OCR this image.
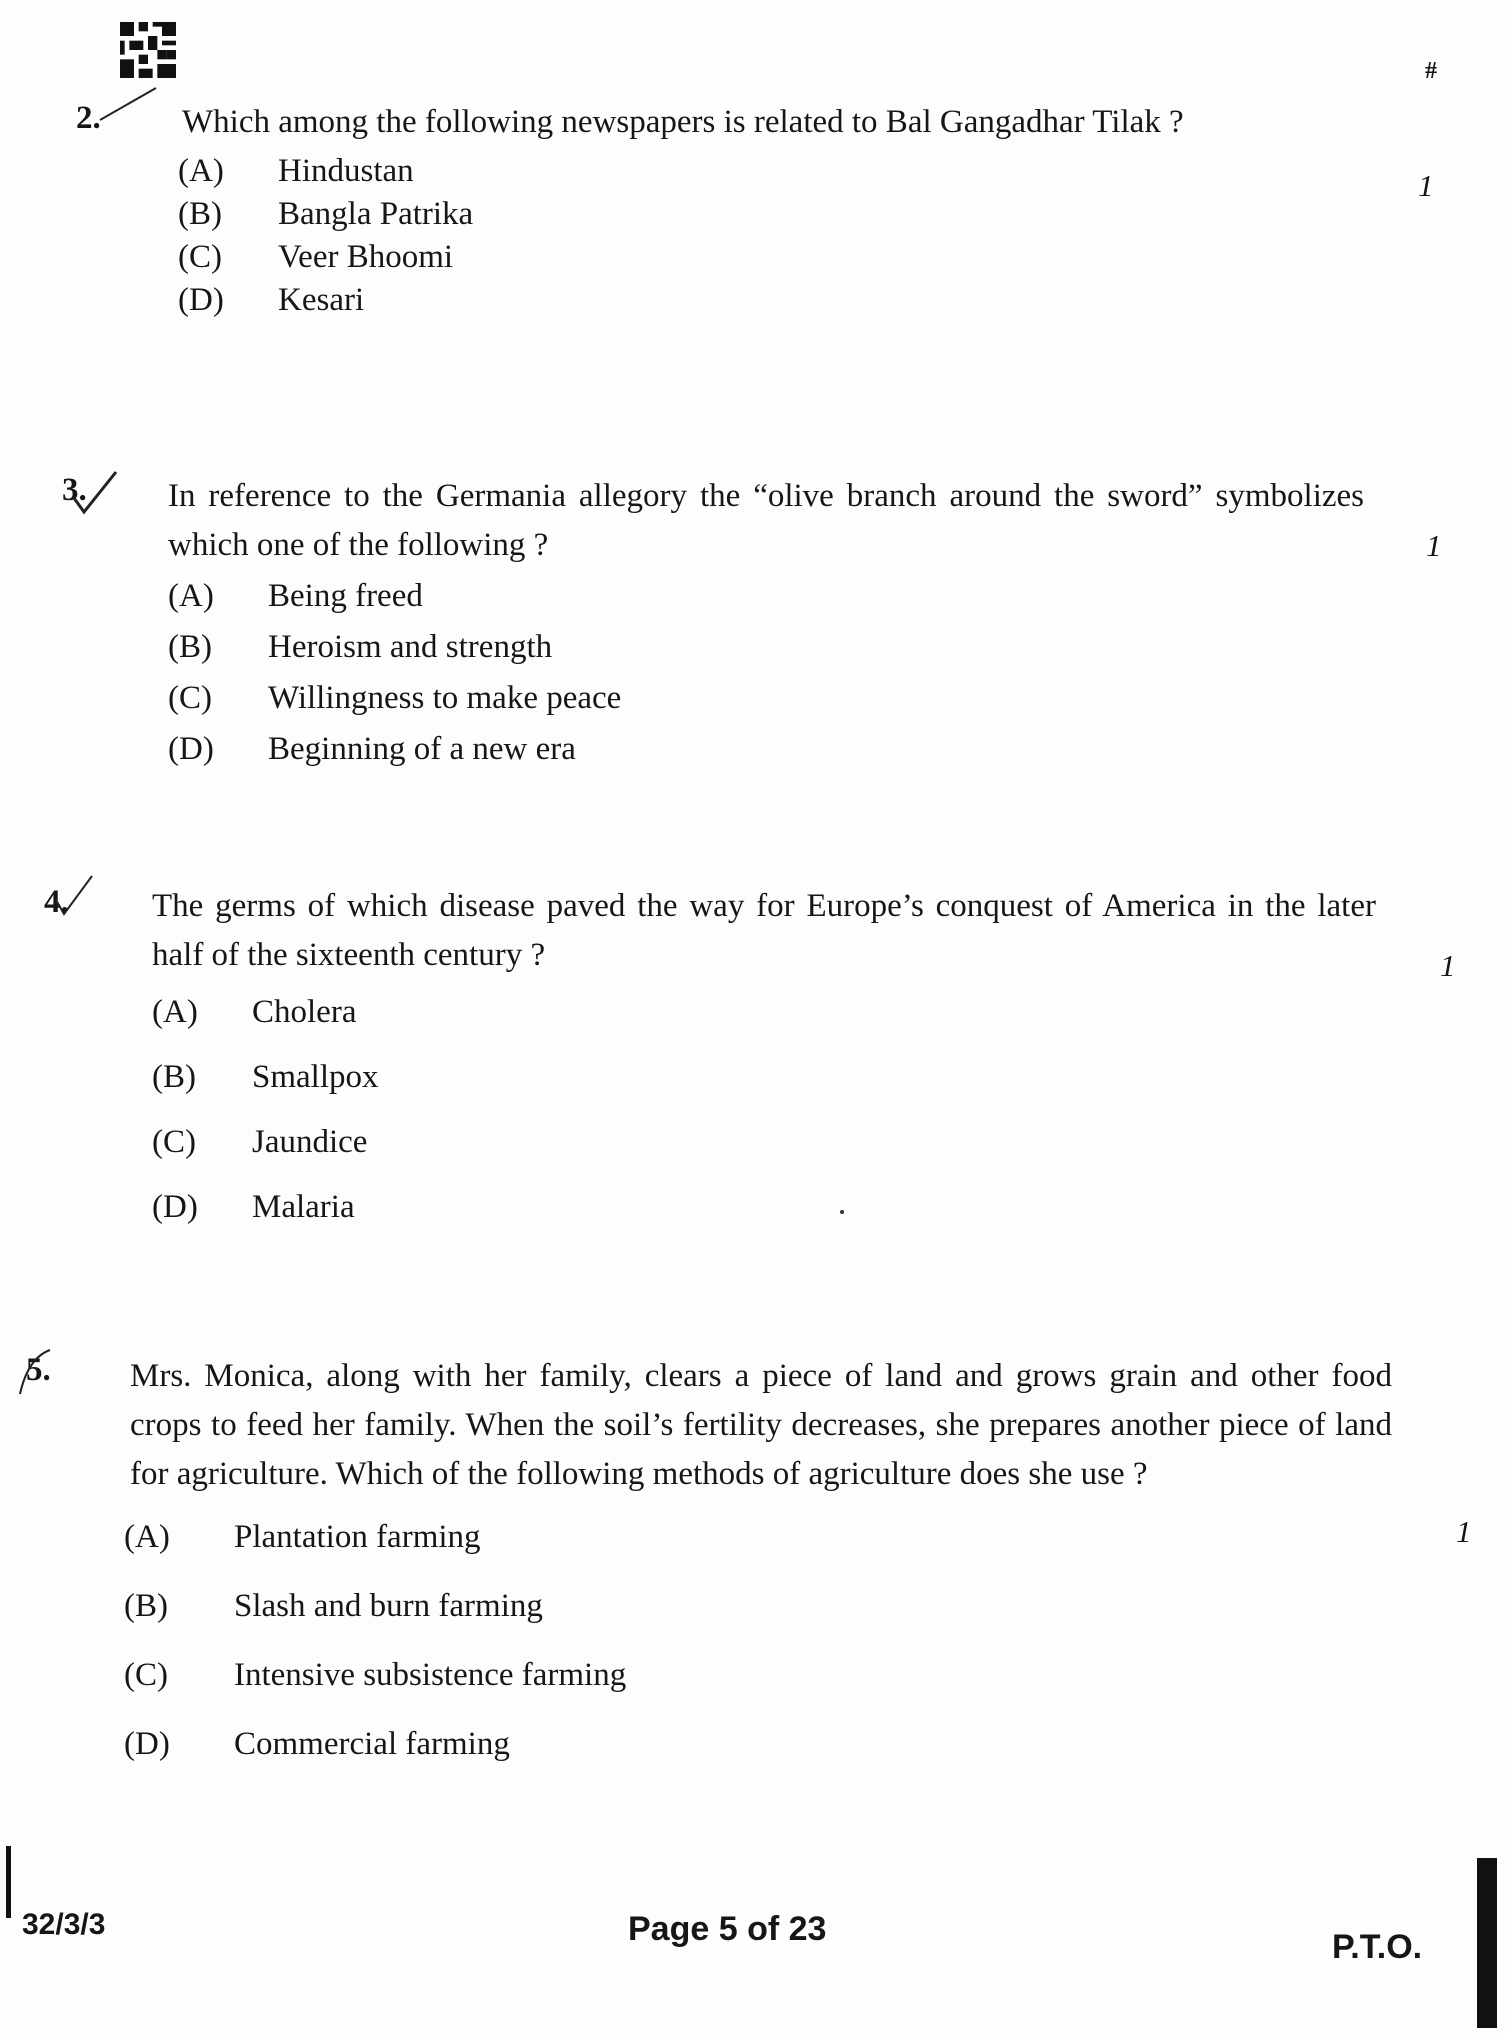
#
2. Which among the following newspapers is related to Bal Gangadhar Tilak ?
(A)	Hindustan
(B)	Bangla Patrika
(C)	Veer Bhoomi
(D)	Kesari
1
3. In reference to the Germania allegory the “olive branch around the sword” symbolizes which one of the following ?
(A)	Being freed
(B)	Heroism and strength
(C)	Willingness to make peace
(D)	Beginning of a new era
1
4.	The germs of which disease paved the way for Europe’s conquest of America in the later half of the sixteenth century ?
(A)	Cholera
(B)	Smallpox
(C)	Jaundice
(D)	Malaria
1
5. Mrs. Monica, along with her family, clears a piece of land and grows grain and other food crops to feed her family. When the soil’s fertility decreases, she prepares another piece of land for agriculture. Which of the following methods of agriculture does she use ?
(A)	Plantation farming
(B)	Slash and burn farming
(C)	Intensive subsistence farming
(D)	Commercial farming
1
32/3/3	Page 5 of 23	P.T.O.
